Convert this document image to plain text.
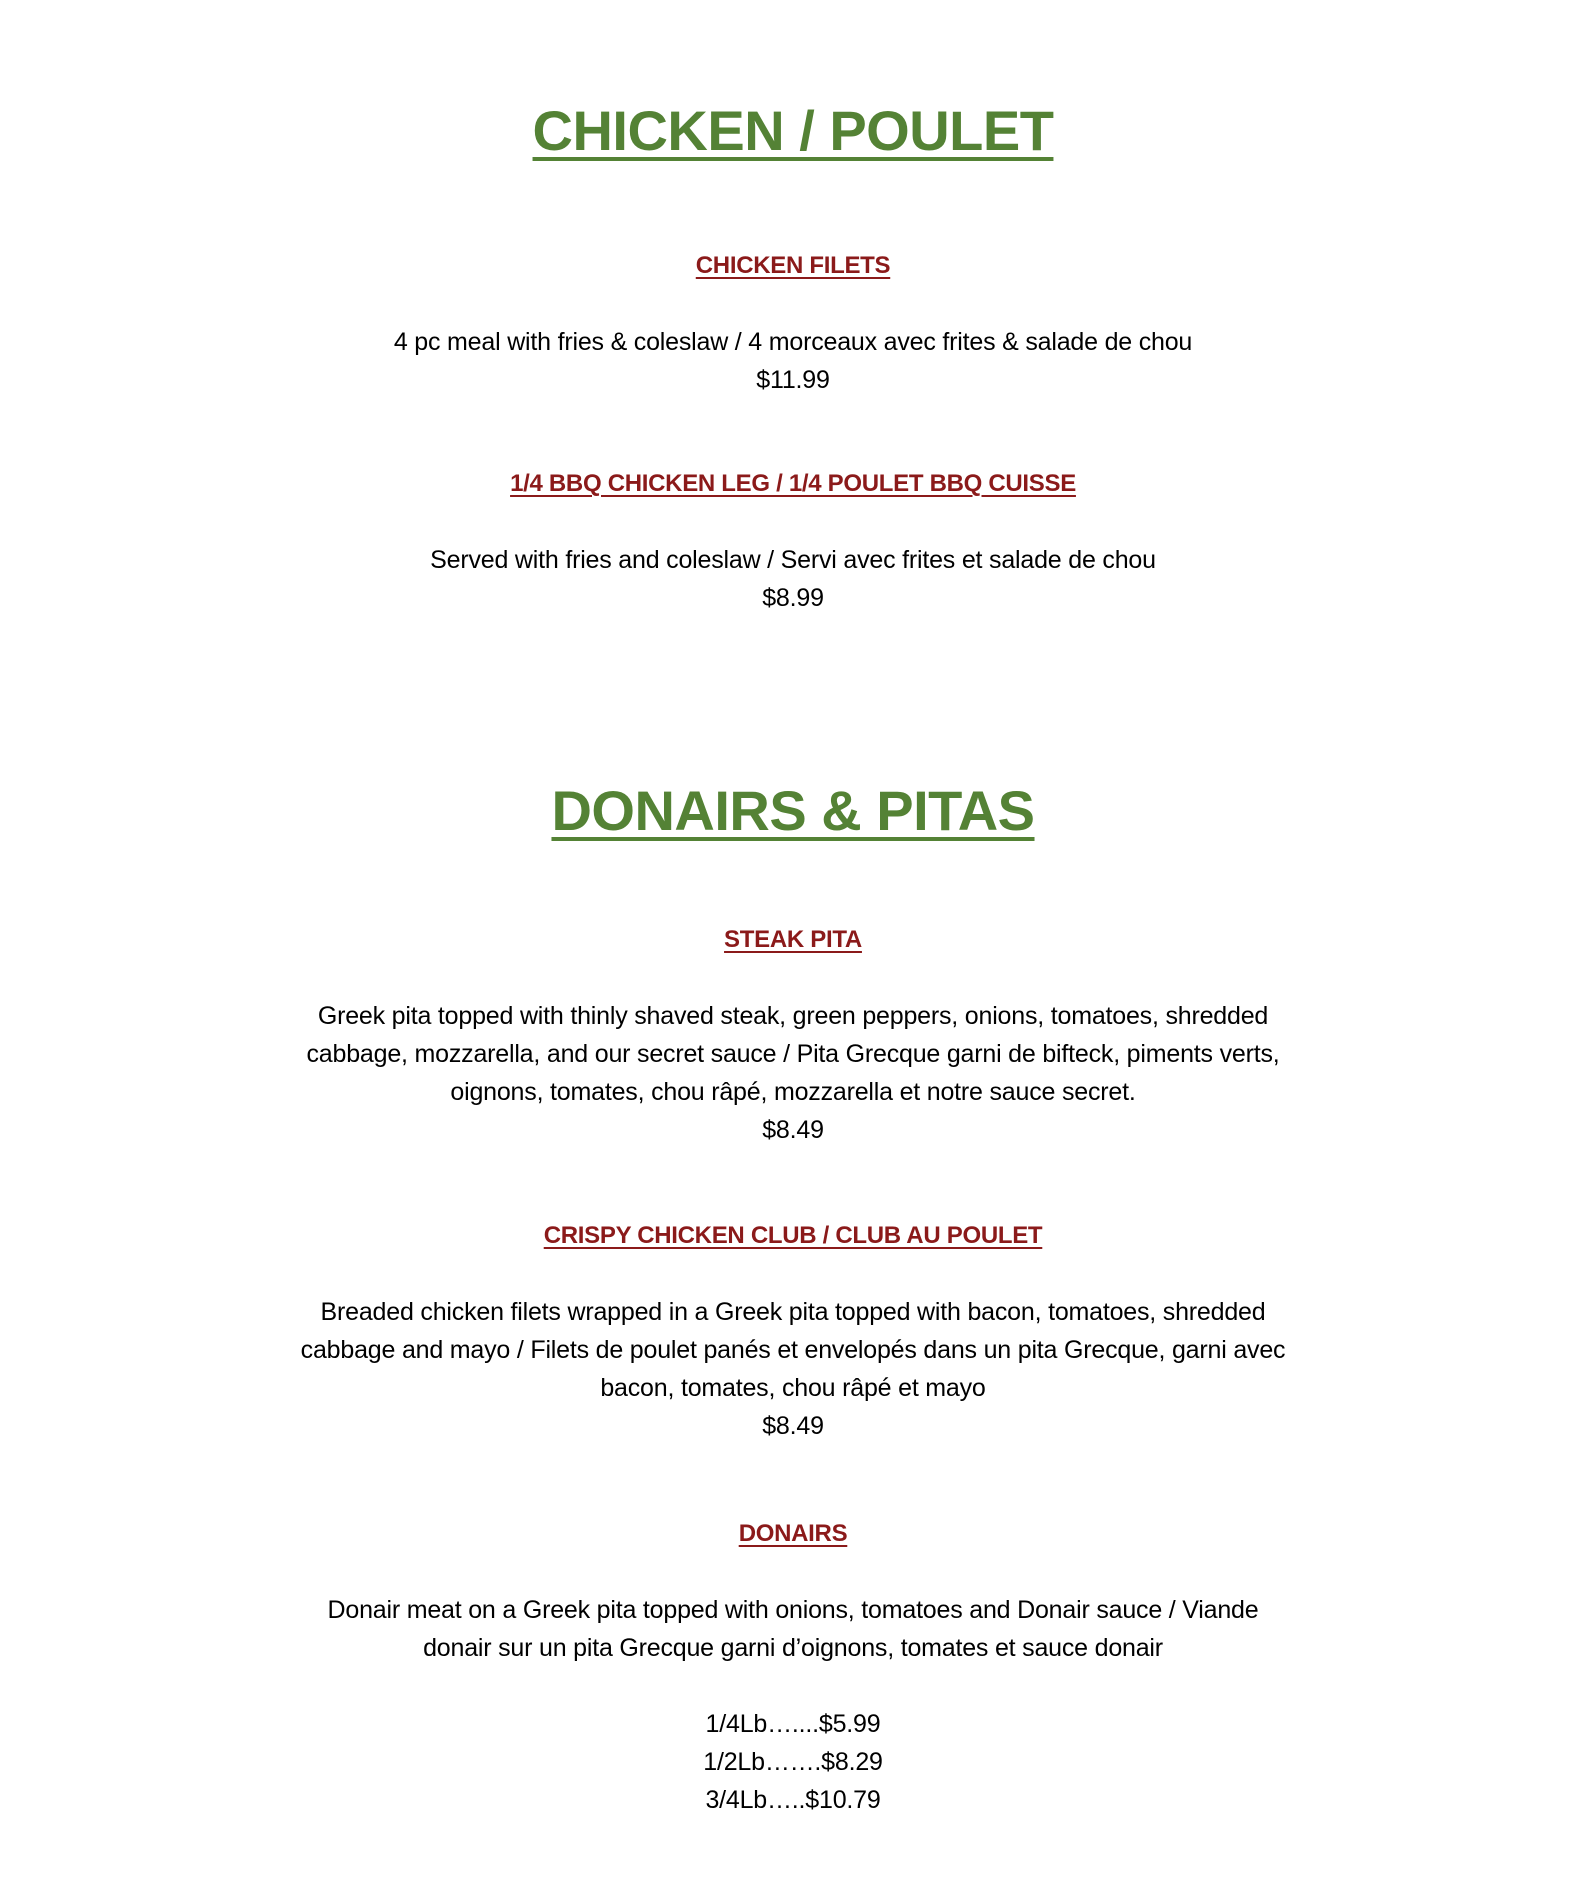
CHICKEN / POULET
CHICKEN FILETS

4 pc meal with fries & coleslaw / 4 morceaux avec frites & salade de chou

$11.99

1/4 BBQ CHICKEN LEG / 1/4 POULET BBQ CUISSE

Served with fries and coleslaw / Servi avec frites et salade de chou

$8.99

DONAIRS & PITAS
STEAK PITA

Greek pita topped with thinly shaved steak, green peppers, onions, tomatoes, shredded

cabbage, mozzarella, and our secret sauce / Pita Grecque garni de bifteck, piments verts,

oignons, tomates, chou râpé, mozzarella et notre sauce secret.

$8.49

CRISPY CHICKEN CLUB / CLUB AU POULET

Breaded chicken filets wrapped in a Greek pita topped with bacon, tomatoes, shredded

cabbage and mayo / Filets de poulet panés et envelopés dans un pita Grecque, garni avec

bacon, tomates, chou râpé et mayo

$8.49

DONAIRS

Donair meat on a Greek pita topped with onions, tomatoes and Donair sauce / Viande

donair sur un pita Grecque garni d’oignons, tomates et sauce donair

1/4Lb…....$5.99

1/2Lb…….$8.29

3/4Lb…..$10.79
